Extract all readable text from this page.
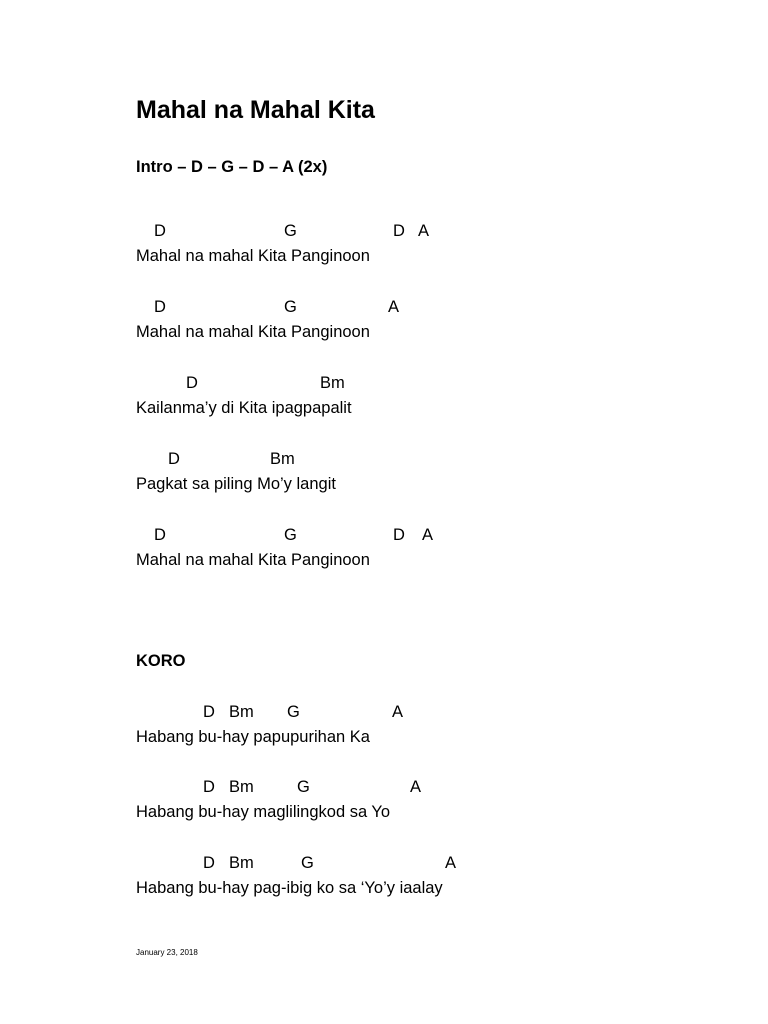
Mahal na Mahal Kita
Intro – D – G – D – A (2x)
D	G	D A
Mahal na mahal Kita Panginoon
D	G	A
Mahal na mahal Kita Panginoon
D	Bm
Kailanma’y di Kita ipagpapalit
D	Bm
Pagkat sa piling Mo’y langit
D	G	D A
Mahal na mahal Kita Panginoon
KORO
D Bm G	A
Habang bu-hay papupurihan Ka
D Bm	G	A
Habang bu-hay maglilingkod sa Yo
D Bm	G	A
Habang bu-hay pag-ibig ko sa ‘Yo’y iaalay
January 23, 2018
